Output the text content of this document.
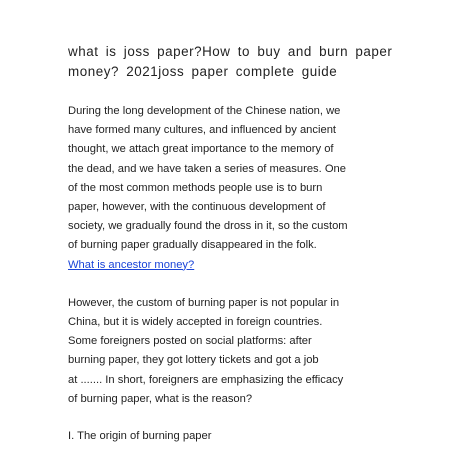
what is joss paper?How to buy and burn paper
money? 2021joss paper complete guide

During the long development of the Chinese nation, we
have formed many cultures, and influenced by ancient
thought, we attach great importance to the memory of
the dead, and we have taken a series of measures. One
of the most common methods people use is to burn
paper, however, with the continuous development of
society, we gradually found the dross in it, so the custom
of burning paper gradually disappeared in the folk.

What is ancestor money?

However, the custom of burning paper is not popular in
China, but it is widely accepted in foreign countries.
Some foreigners posted on social platforms: after
burning paper, they got lottery tickets and got a job
at ....... In short, foreigners are emphasizing the efficacy
of burning paper, what is the reason?

I. The origin of burning paper
